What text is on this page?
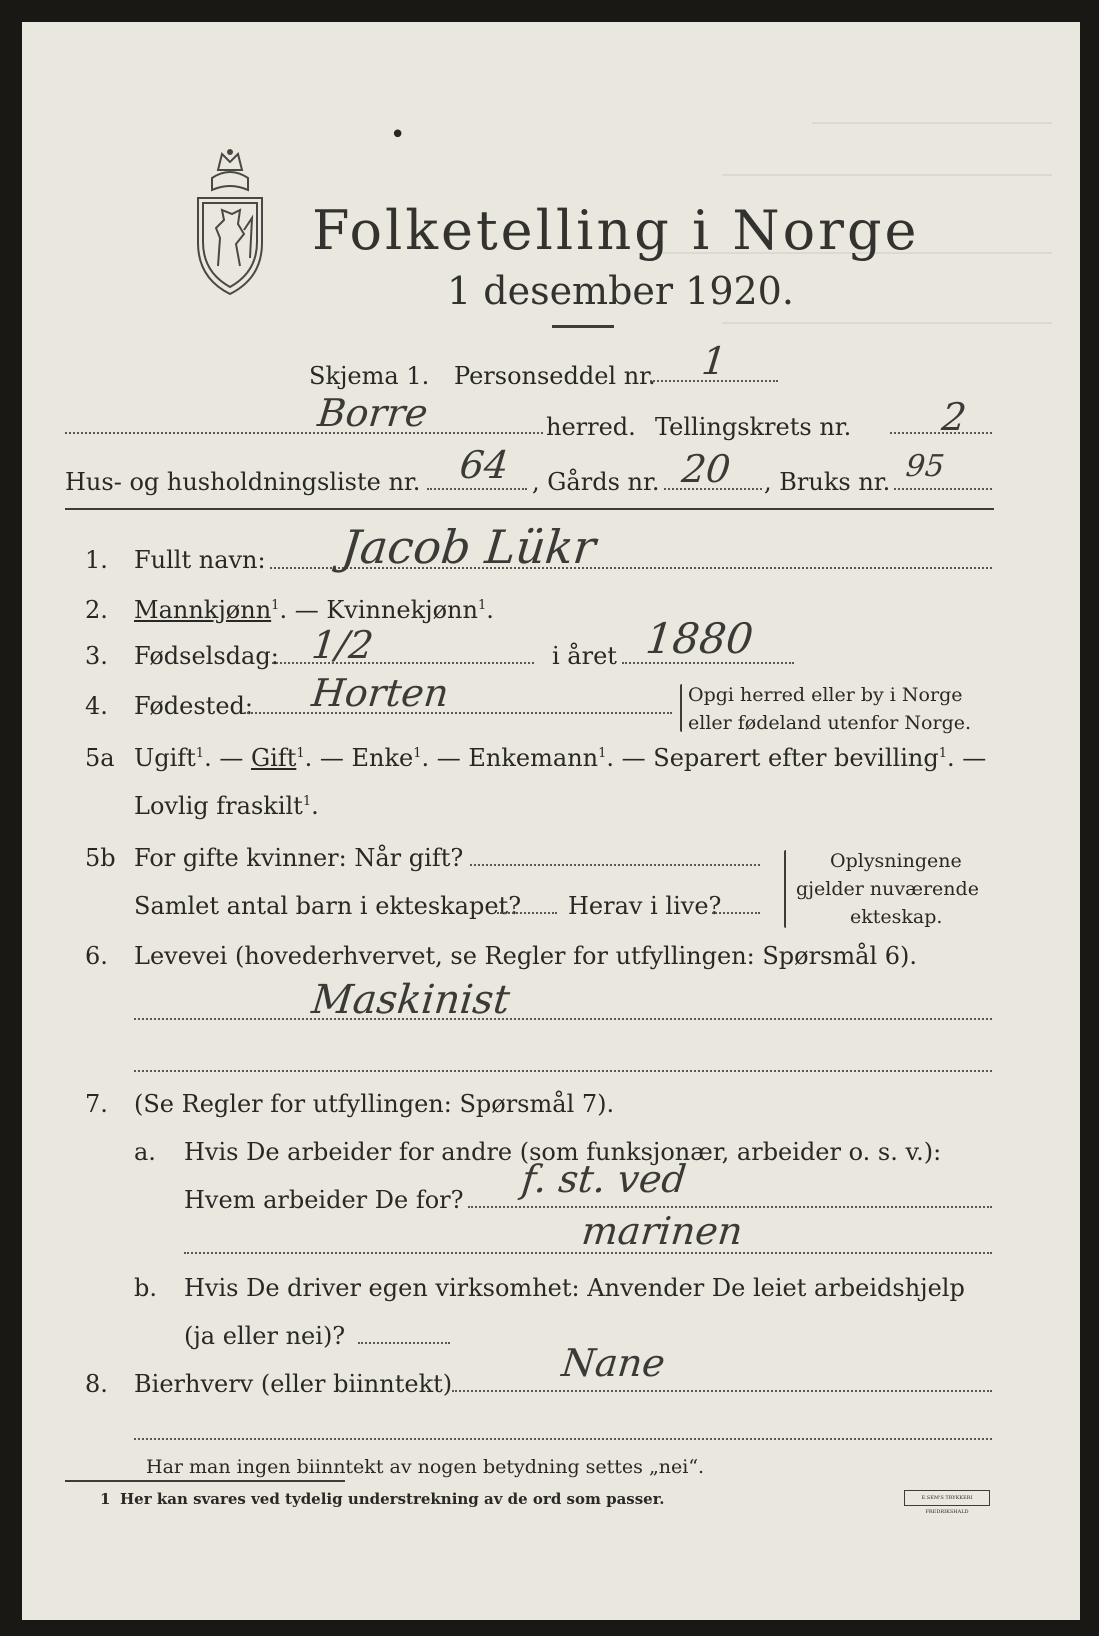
•
Folketelling i Norge
1 desember 1920.
Skjema 1. Personseddel nr. 1
Borre	herred. Tellingskrets nr. 2
Hus- og husholdningsliste nr. 64 , Gårds nr. 20 , Bruks nr. 95
1. Fullt navn: Jacob Lükr
2. Mannkjønn$^1$. — Kvinnekjønn$^1$.
3. Fødselsdag: 1/2	i året 1880
4. Fødested: Horten	Opgi herred eller by i Norge
eller fødeland utenfor Norge.
5a Ugift$^1$. — Gift$^1$. — Enke$^1$. — Enkemann$^1$. — Separert efter bevilling$^1$. —
Lovlig fraskilt$^1$.
5b For gifte kvinner: Når gift?
Samlet antal barn i ekteskapet? Herav i live?
Oplysningene
gjelder nuværende
ekteskap.
6. Levevei (hovederhvervet, se Regler for utfyllingen: Spørsmål 6).
Maskinist
7. (Se Regler for utfyllingen: Spørsmål 7).
a. Hvis De arbeider for andre (som funksjonær, arbeider o. s. v.):
Hvem arbeider De for? f. st. ved
marinen
b. Hvis De driver egen virksomhet: Anvender De leiet arbeidshjelp
(ja eller nei)?
8. Bierhverv (eller biinntekt)	Nane
Har man ingen biinntekt av nogen betydning settes „nei“.
1 Her kan svares ved tydelig understrekning av de ord som passer.	E.SEM'S TRYKKERI FREDRIKSHALD
